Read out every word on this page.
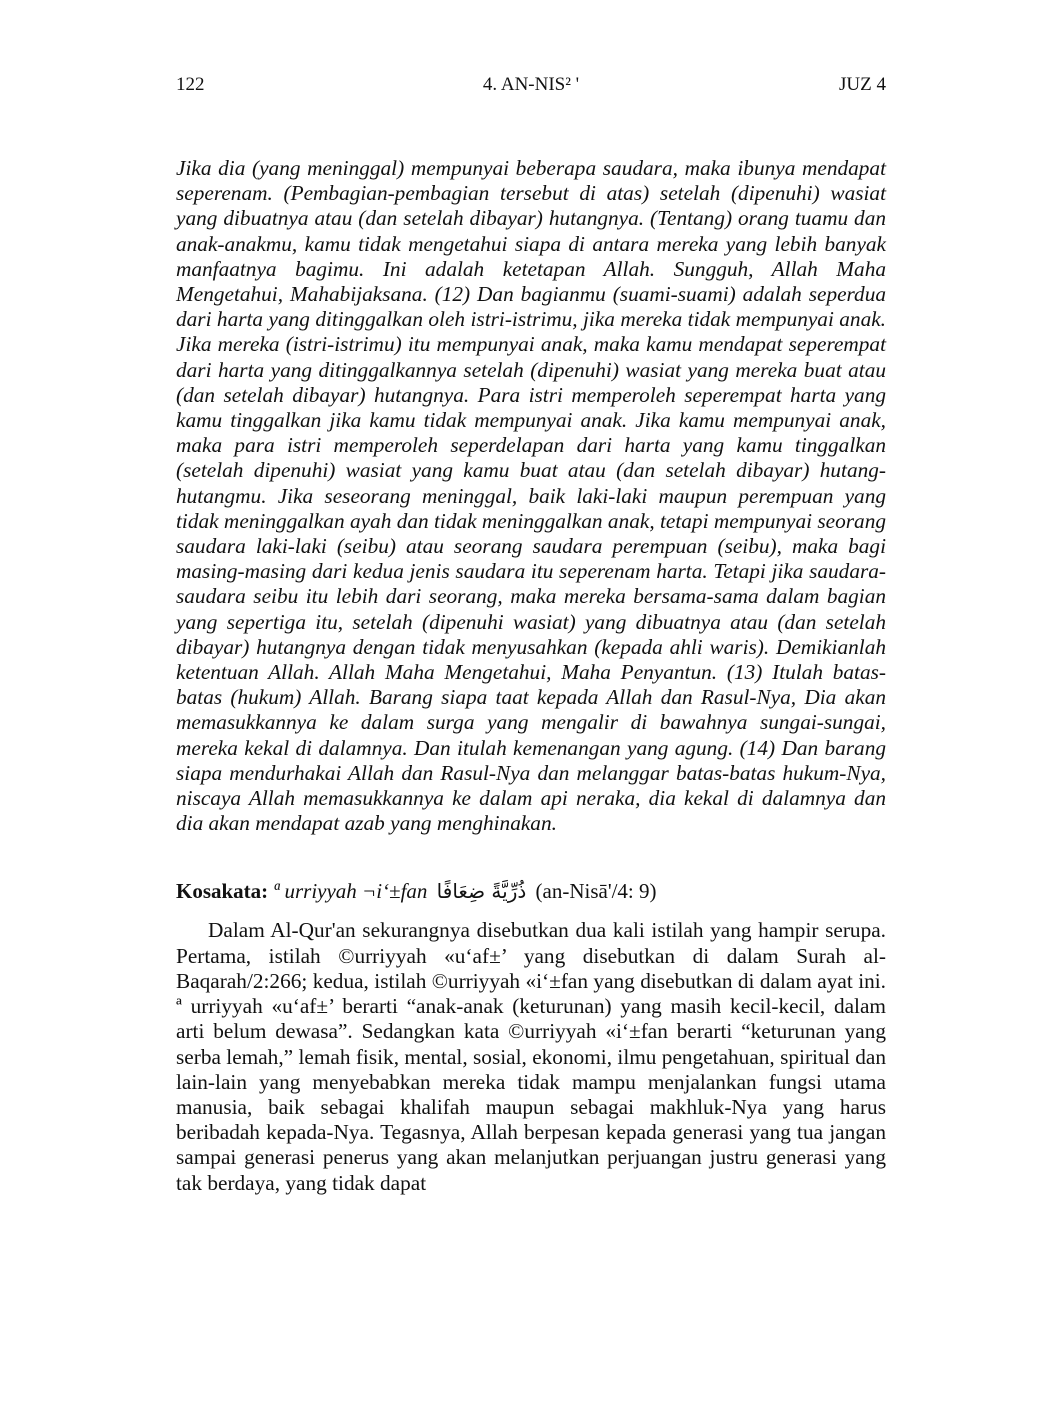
122	4. AN-NIS² '	JUZ 4

Jika dia (yang meninggal) mempunyai beberapa saudara, maka ibunya mendapat seperenam. (Pembagian-pembagian tersebut di atas) setelah (dipenuhi) wasiat yang dibuatnya atau (dan setelah dibayar) hutangnya. (Tentang) orang tuamu dan anak-anakmu, kamu tidak mengetahui siapa di antara mereka yang lebih banyak manfaatnya bagimu. Ini adalah ketetapan Allah. Sungguh, Allah Maha Mengetahui, Mahabijaksana. (12) Dan bagianmu (suami-suami) adalah seperdua dari harta yang ditinggalkan oleh istri-istrimu, jika mereka tidak mempunyai anak. Jika mereka (istri-istrimu) itu mempunyai anak, maka kamu mendapat seperempat dari harta yang ditinggalkannya setelah (dipenuhi) wasiat yang mereka buat atau (dan setelah dibayar) hutangnya. Para istri memperoleh seperempat harta yang kamu tinggalkan jika kamu tidak mempunyai anak. Jika kamu mempunyai anak, maka para istri memperoleh seperdelapan dari harta yang kamu tinggalkan (setelah dipenuhi) wasiat yang kamu buat atau (dan setelah dibayar) hutang-hutangmu. Jika seseorang meninggal, baik laki-laki maupun perempuan yang tidak meninggalkan ayah dan tidak meninggalkan anak, tetapi mempunyai seorang saudara laki-laki (seibu) atau seorang saudara perempuan (seibu), maka bagi masing-masing dari kedua jenis saudara itu seperenam harta. Tetapi jika saudara-saudara seibu itu lebih dari seorang, maka mereka bersama-sama dalam bagian yang sepertiga itu, setelah (dipenuhi wasiat) yang dibuatnya atau (dan setelah dibayar) hutangnya dengan tidak menyusahkan (kepada ahli waris). Demikianlah ketentuan Allah. Allah Maha Mengetahui, Maha Penyantun. (13) Itulah batas-batas (hukum) Allah. Barang siapa taat kepada Allah dan Rasul-Nya, Dia akan memasukkannya ke dalam surga yang mengalir di bawahnya sungai-sungai, mereka kekal di dalamnya. Dan itulah kemenangan yang agung. (14) Dan barang siapa mendurhakai Allah dan Rasul-Nya dan melanggar batas-batas hukum-Nya, niscaya Allah memasukkannya ke dalam api neraka, dia kekal di dalamnya dan dia akan mendapat azab yang menghinakan.

Kosakata: ª urriyyah ¬i‘±fan ذُرِّيَّةً ضِعَافًا (an-Nisā'/4: 9)

Dalam Al-Qur'an sekurangnya disebutkan dua kali istilah yang hampir serupa. Pertama, istilah ©urriyyah «u‘af±’ yang disebutkan di dalam Surah al-Baqarah/2:266; kedua, istilah ©urriyyah «i‘±fan yang disebutkan di dalam ayat ini. ª urriyyah «u‘af±’ berarti “anak-anak (keturunan) yang masih kecil-kecil, dalam arti belum dewasa”. Sedangkan kata ©urriyyah «i‘±fan berarti “keturunan yang serba lemah,” lemah fisik, mental, sosial, ekonomi, ilmu pengetahuan, spiritual dan lain-lain yang menyebabkan mereka tidak mampu menjalankan fungsi utama manusia, baik sebagai khalifah maupun sebagai makhluk-Nya yang harus beribadah kepada-Nya. Tegasnya, Allah berpesan kepada generasi yang tua jangan sampai generasi penerus yang akan melanjutkan perjuangan justru generasi yang tak berdaya, yang tidak dapat
